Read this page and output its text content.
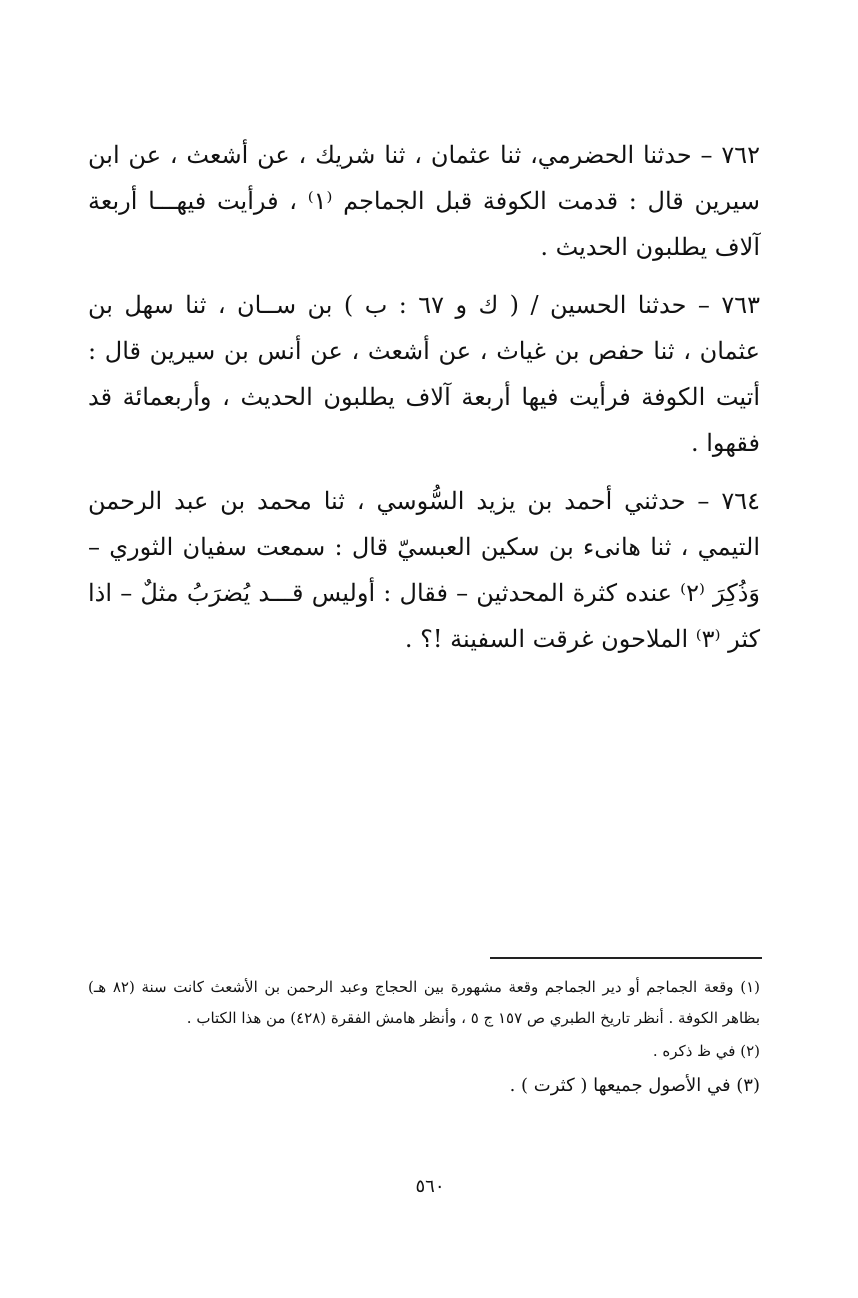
٧٦٢ – حدثنا الحضرمي، ثنا عثمان ، ثنا شريك ، عن أشعث ، عن ابن سيرين قال : قدمت الكوفة قبل الجماجم ⁽١⁾ ، فرأيت فيهـــا أربعة آلاف يطلبون الحديث .

٧٦٣ – حدثنا الحسين / ( ك و ٦٧ : ب ) بن ســان ، ثنا سهل بن عثمان ، ثنا حفص بن غياث ، عن أشعث ، عن أنس بن سيرين قال : أتيت الكوفة فرأيت فيها أربعة آلاف يطلبون الحديث ، وأربعمائة قد فقهوا .

٧٦٤ – حدثني أحمد بن يزيد السُّوسي ، ثنا محمد بن عبد الرحمن التيمي ، ثنا هانىء بن سكين العبسيّ قال : سمعت سفيان الثوري – وَذُكِرَ ⁽٢⁾ عنده كثرة المحدثين – فقال : أوليس قـــد يُضرَبُ مثلٌ – اذا كثر ⁽٣⁾ الملاحون غرقت السفينة !؟ .

(١) وقعة الجماجم أو دير الجماجم وقعة مشهورة بين الحجاج وعبد الرحمن بن الأشعث كانت سنة (٨٢ هـ) بظاهر الكوفة . أنظر تاريخ الطبري ص ١٥٧ ج ٥ ، وأنظر هامش الفقرة (٤٢٨) من هذا الكتاب .

(٢) في ظ ذكره .

(٣) في الأصول جميعها ( كثرت ) .

٥٦٠
